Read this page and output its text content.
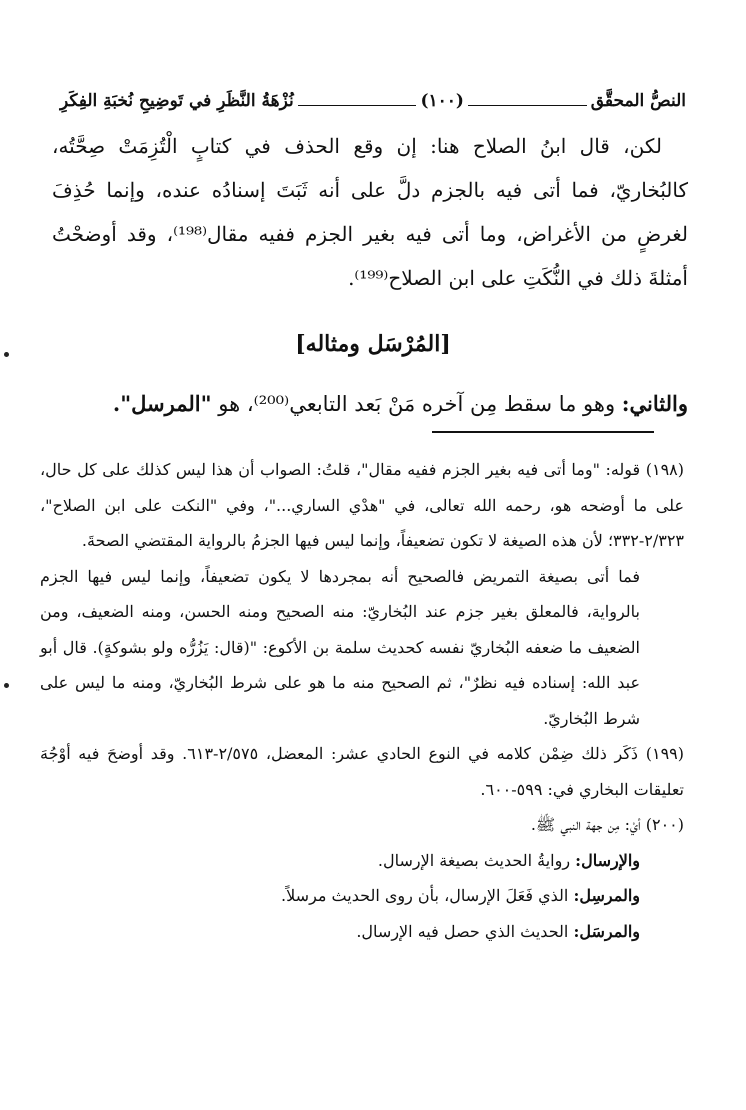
النصُّ المحقَّق
(١٠٠)
نُزْهَةُ النَّظَرِ في تَوضِيحِ نُخبَةِ الفِكَرِ

لكن، قال ابنُ الصلاح هنا: إن وقع الحذف في كتابٍ الْتُزِمَتْ صِحَّتُه، كالبُخاريّ، فما أتى فيه بالجزم دلَّ على أنه ثَبَتَ إسنادُه عنده، وإنما حُذِفَ لغرضٍ من الأغراض، وما أتى فيه بغير الجزم ففيه مقال⁽¹⁹⁸⁾، وقد أوضحْتُ أمثلةَ ذلك في النُّكَتِ على ابن الصلاح⁽¹⁹⁹⁾.

[المُرْسَل ومثاله]
والثاني: وهو ما سقط مِن آخره مَنْ بَعد التابعي⁽²⁰⁰⁾، هو "المرسل".

(١٩٨) قوله: "وما أتى فيه بغير الجزم ففيه مقال"، قلتُ: الصواب أن هذا ليس كذلك على كل حال، على ما أوضحه هو، رحمه الله تعالى، في "هدْي الساري..."، وفي "النكت على ابن الصلاح"، ٢/٣٢٣-٣٣٢؛ لأن هذه الصيغة لا تكون تضعيفاً، وإنما ليس فيها الجزمُ بالرواية المقتضي الصحةَ.

فما أتى بصيغة التمريض فالصحيح أنه بمجردها لا يكون تضعيفاً، وإنما ليس فيها الجزم بالرواية، فالمعلق بغير جزم عند البُخاريّ: منه الصحيح ومنه الحسن، ومنه الضعيف، ومن الضعيف ما ضعفه البُخاريّ نفسه كحديث سلمة بن الأكوع: "(قال: يَزُرُّه ولو بشوكةٍ). قال أبو عبد الله: إسناده فيه نظرٌ"، ثم الصحيح منه ما هو على شرط البُخاريّ، ومنه ما ليس على شرط البُخاريّ.

(١٩٩) ذَكَر ذلك ضِمْن كلامه في النوع الحادي عشر: المعضل، ٢/٥٧٥-٦١٣. وقد أوضحَ فيه أوْجُهَ تعليقات البخاري في: ٥٩٩-٦٠٠.

(٢٠٠) أيْ: مِن جهة النبي ﷺ.

والإرسال: روايةُ الحديث بصيغة الإرسال.

والمرسِل: الذي فَعَلَ الإرسال، بأن روى الحديث مرسلاً.

والمرسَل: الحديث الذي حصل فيه الإرسال.
